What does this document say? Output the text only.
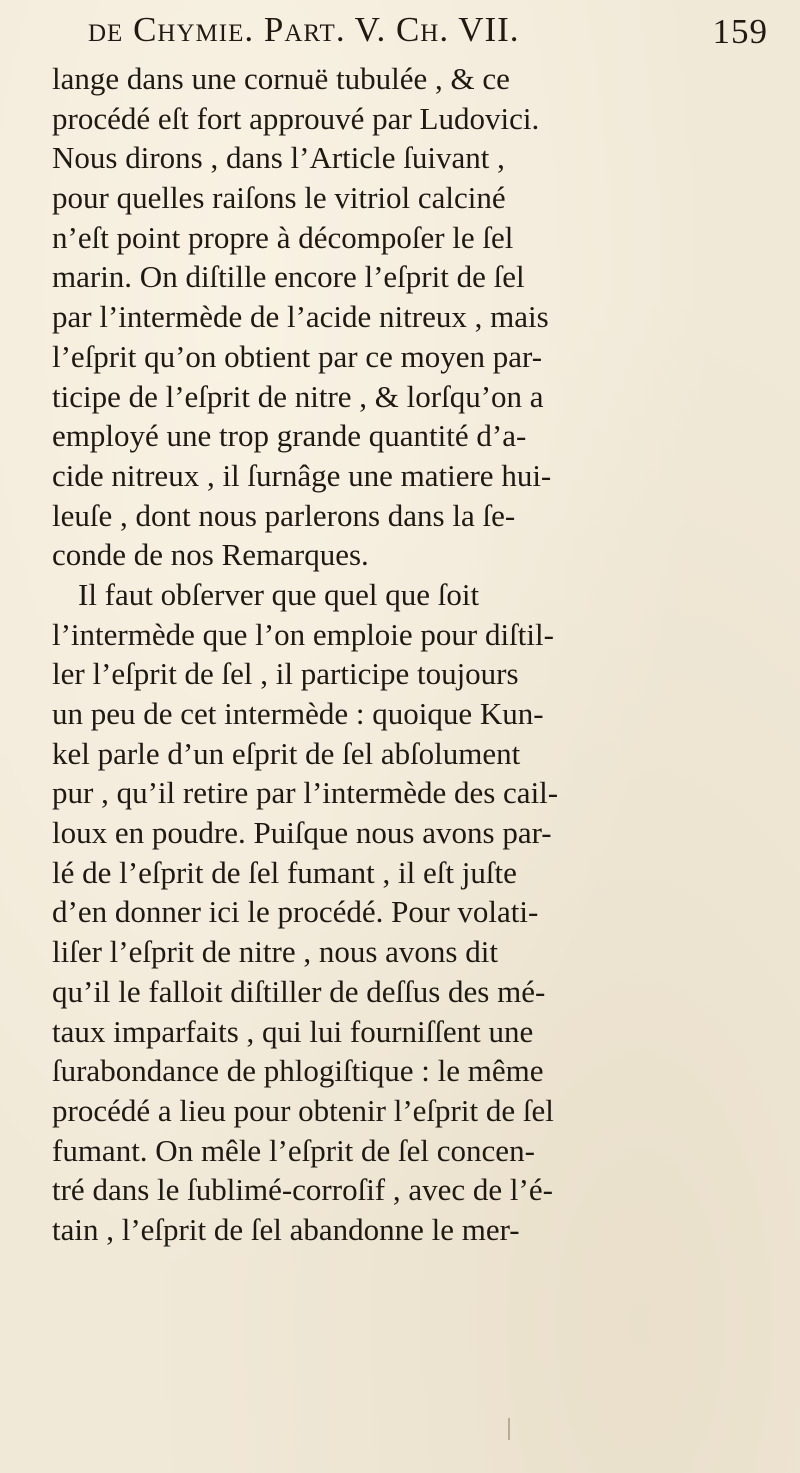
de Chymie. Part. V. Ch. VII.	159
lange dans une cornuë tubulée , & ce
procédé eſt fort approuvé par Ludovici.
Nous dirons , dans l’Article ſuivant ,
pour quelles raiſons le vitriol calciné
n’eſt point propre à décompoſer le ſel
marin. On diſtille encore l’eſprit de ſel
par l’intermède de l’acide nitreux , mais
l’eſprit qu’on obtient par ce moyen par-
ticipe de l’eſprit de nitre , & lorſqu’on a
employé une trop grande quantité d’a-
cide nitreux , il ſurnâge une matiere hui-
leuſe , dont nous parlerons dans la ſe-
conde de nos Remarques.
Il faut obſerver que quel que ſoit
l’intermède que l’on emploie pour diſtil-
ler l’eſprit de ſel , il participe toujours
un peu de cet intermède : quoique Kun-
kel parle d’un eſprit de ſel abſolument
pur , qu’il retire par l’intermède des cail-
loux en poudre. Puiſque nous avons par-
lé de l’eſprit de ſel fumant , il eſt juſte
d’en donner ici le procédé. Pour volati-
liſer l’eſprit de nitre , nous avons dit
qu’il le falloit diſtiller de deſſus des mé-
taux imparfaits , qui lui fourniſſent une
ſurabondance de phlogiſtique : le même
procédé a lieu pour obtenir l’eſprit de ſel
fumant. On mêle l’eſprit de ſel concen-
tré dans le ſublimé-corroſif , avec de l’é-
tain , l’eſprit de ſel abandonne le mer-
